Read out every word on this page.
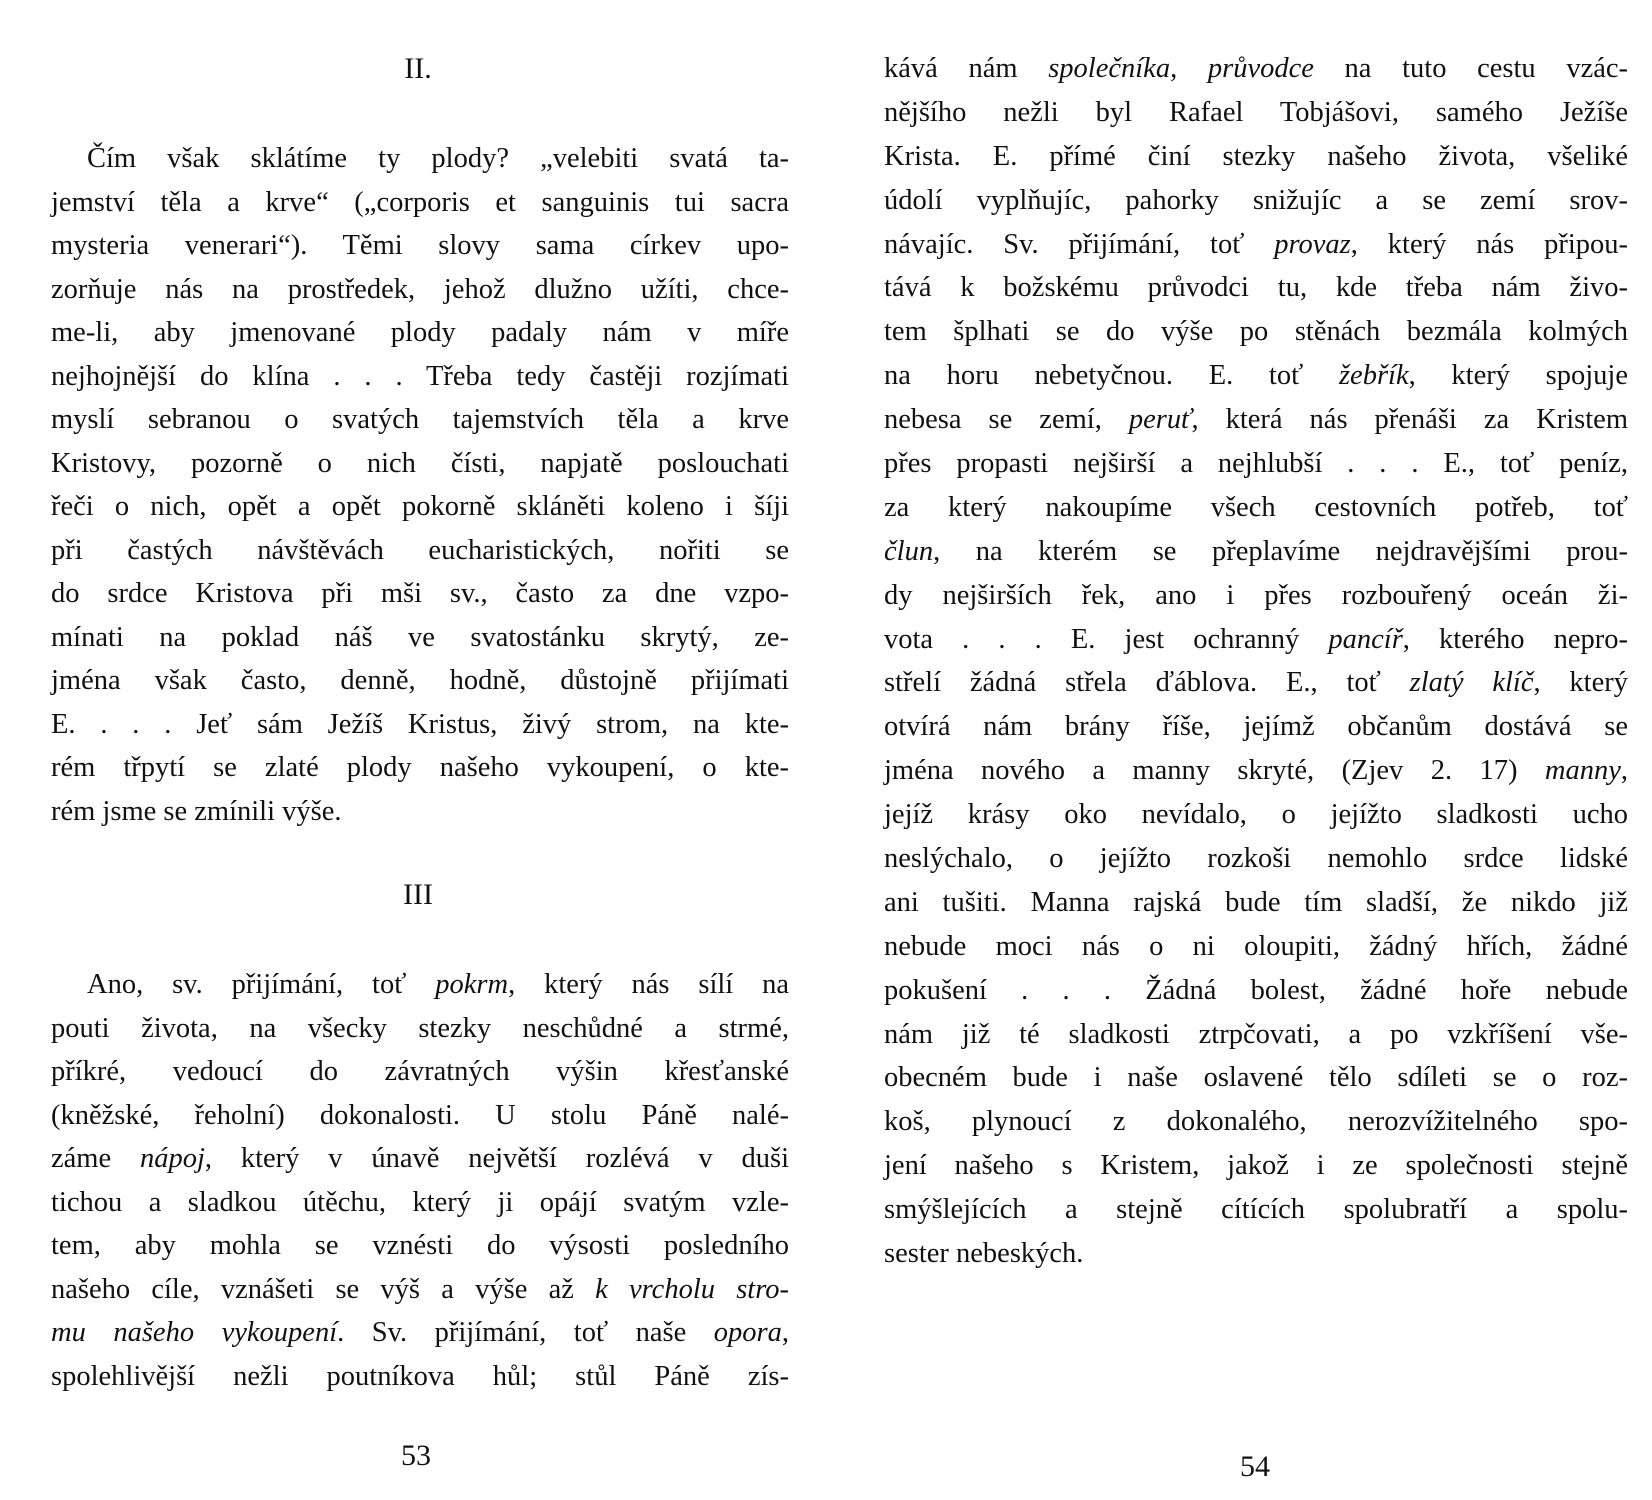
II.
Čím však sklátíme ty plody? „velebiti svatá ta-
jemství těla a krve“ („corporis et sanguinis tui sacra
mysteria venerari“). Těmi slovy sama církev upo-
zorňuje nás na prostředek, jehož dlužno užíti, chce-
me-li, aby jmenované plody padaly nám v míře
nejhojnější do klína . . . Třeba tedy častěji rozjímati
myslí sebranou o svatých tajemstvích těla a krve
Kristovy, pozorně o nich čísti, napjatě poslouchati
řeči o nich, opět a opět pokorně skláněti koleno i šíji
při častých návštěvách eucharistických, nořiti se
do srdce Kristova při mši sv., často za dne vzpo-
mínati na poklad náš ve svatostánku skrytý, ze-
jména však často, denně, hodně, důstojně přijímati
E. . . . Jeť sám Ježíš Kristus, živý strom, na kte-
rém třpytí se zlaté plody našeho vykoupení, o kte-
rém jsme se zmínili výše.
III
Ano, sv. přijímání, toť pokrm, který nás sílí na
pouti života, na všecky stezky neschůdné a strmé,
příkré, vedoucí do závratných výšin křesťanské
(kněžské, řeholní) dokonalosti. U stolu Páně nalé-
záme nápoj, který v únavě největší rozlévá v duši
tichou a sladkou útěchu, který ji opájí svatým vzle-
tem, aby mohla se vznésti do výsosti posledního
našeho cíle, vznášeti se výš a výše až k vrcholu stro-
mu našeho vykoupení. Sv. přijímání, toť naše opora,
spolehlivější nežli poutníkova hůl; stůl Páně zís-
53
kává nám společníka, průvodce na tuto cestu vzác-
nějšího nežli byl Rafael Tobjášovi, samého Ježíše
Krista. E. přímé činí stezky našeho života, všeliké
údolí vyplňujíc, pahorky snižujíc a se zemí srov-
návajíc. Sv. přijímání, toť provaz, který nás připou-
tává k božskému průvodci tu, kde třeba nám živo-
tem šplhati se do výše po stěnách bezmála kolmých
na horu nebetyčnou. E. toť žebřík, který spojuje
nebesa se zemí, peruť, která nás přenáši za Kristem
přes propasti nejširší a nejhlubší . . . E., toť peníz,
za který nakoupíme všech cestovních potřeb, toť
člun, na kterém se přeplavíme nejdravějšími prou-
dy nejširších řek, ano i přes rozbouřený oceán ži-
vota . . . E. jest ochranný pancíř, kterého nepro-
střelí žádná střela ďáblova. E., toť zlatý klíč, který
otvírá nám brány říše, jejímž občanům dostává se
jména nového a manny skryté, (Zjev 2. 17) manny,
jejíž krásy oko nevídalo, o jejížto sladkosti ucho
neslýchalo, o jejížto rozkoši nemohlo srdce lidské
ani tušiti. Manna rajská bude tím sladší, že nikdo již
nebude moci nás o ni oloupiti, žádný hřích, žádné
pokušení . . . Žádná bolest, žádné hoře nebude
nám již té sladkosti ztrpčovati, a po vzkříšení vše-
obecném bude i naše oslavené tělo sdíleti se o roz-
koš, plynoucí z dokonalého, nerozvížitelného spo-
jení našeho s Kristem, jakož i ze společnosti stejně
smýšlejících a stejně cítících spolubratří a spolu-
sester nebeských.
54
